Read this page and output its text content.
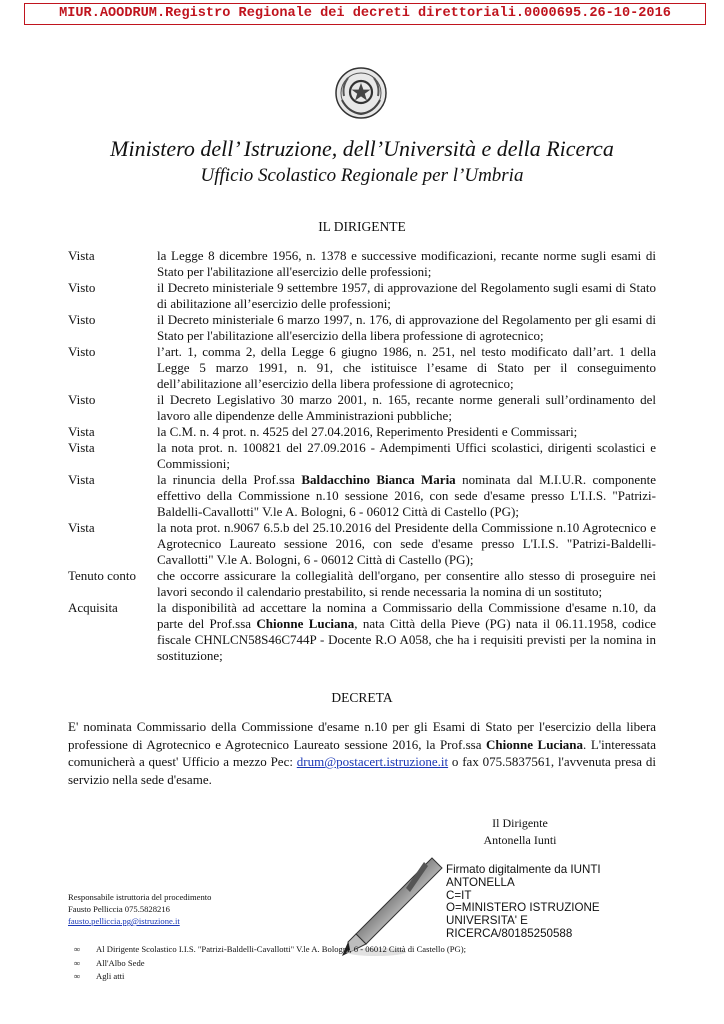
MIUR.AOODRUM.Registro Regionale dei decreti direttoriali.0000695.26-10-2016
Ministero dell’ Istruzione, dell’Università e della Ricerca
Ufficio Scolastico Regionale per l’Umbria
IL DIRIGENTE
Vista	la Legge 8 dicembre 1956, n. 1378 e successive modificazioni, recante norme sugli esami di Stato per l'abilitazione all'esercizio delle professioni;
Visto	il Decreto ministeriale 9 settembre 1957, di approvazione del Regolamento sugli esami di Stato di abilitazione all’esercizio delle professioni;
Visto	il Decreto ministeriale 6 marzo 1997, n. 176, di approvazione del Regolamento per gli esami di Stato per l'abilitazione all'esercizio della libera professione di agrotecnico;
Visto	l’art. 1, comma 2, della Legge 6 giugno 1986, n. 251, nel testo modificato dall’art. 1 della Legge 5 marzo 1991, n. 91, che istituisce l’esame di Stato per il conseguimento dell’abilitazione all’esercizio della libera professione di agrotecnico;
Visto	il Decreto Legislativo 30 marzo 2001, n. 165, recante norme generali sull’ordinamento del lavoro alle dipendenze delle Amministrazioni pubbliche;
Vista	la C.M. n. 4 prot. n. 4525 del 27.04.2016, Reperimento Presidenti e Commissari;
Vista	la nota prot. n. 100821 del 27.09.2016 - Adempimenti Uffici scolastici, dirigenti scolastici e Commissioni;
Vista	la rinuncia della Prof.ssa Baldacchino Bianca Maria nominata dal M.I.U.R. componente effettivo della Commissione n.10 sessione 2016, con sede d'esame presso L'I.I.S. "Patrizi-Baldelli-Cavallotti" V.le A. Bologni, 6 - 06012 Città di Castello (PG);
Vista	la nota prot. n.9067 6.5.b del 25.10.2016 del Presidente della Commissione n.10 Agrotecnico e Agrotecnico Laureato sessione 2016, con sede d'esame presso L'I.I.S. "Patrizi-Baldelli-Cavallotti" V.le A. Bologni, 6 - 06012 Città di Castello (PG);
Tenuto conto	che occorre assicurare la collegialità dell'organo, per consentire allo stesso di proseguire nei lavori secondo il calendario prestabilito, si rende necessaria la nomina di un sostituto;
Acquisita	la disponibilità ad accettare la nomina a Commissario della Commissione d'esame n.10, da parte del Prof.ssa Chionne Luciana, nata Città della Pieve (PG) nata il 06.11.1958, codice fiscale CHNLCN58S46C744P - Docente R.O A058, che ha i requisiti previsti per la nomina in sostituzione;
DECRETA
E' nominata Commissario della Commissione d'esame n.10 per gli Esami di Stato per l'esercizio della libera professione di Agrotecnico e Agrotecnico Laureato sessione 2016, la Prof.ssa Chionne Luciana. L'interessata comunicherà a quest' Ufficio a mezzo Pec: drum@postacert.istruzione.it o fax 075.5837561, l'avvenuta presa di servizio nella sede d'esame.
Il Dirigente
Antonella Iunti
Firmato digitalmente da IUNTI
ANTONELLA
C=IT
O=MINISTERO ISTRUZIONE
UNIVERSITA' E
RICERCA/80185250588
Responsabile istruttoria del procedimento
Fausto Pelliccia 075.5828216
fausto.pelliccia.pg@istruzione.it
∞	Al Dirigente Scolastico I.I.S. "Patrizi-Baldelli-Cavallotti" V.le A. Bologni, 6 - 06012 Città di Castello (PG);
∞	All'Albo Sede
∞	Agli atti
